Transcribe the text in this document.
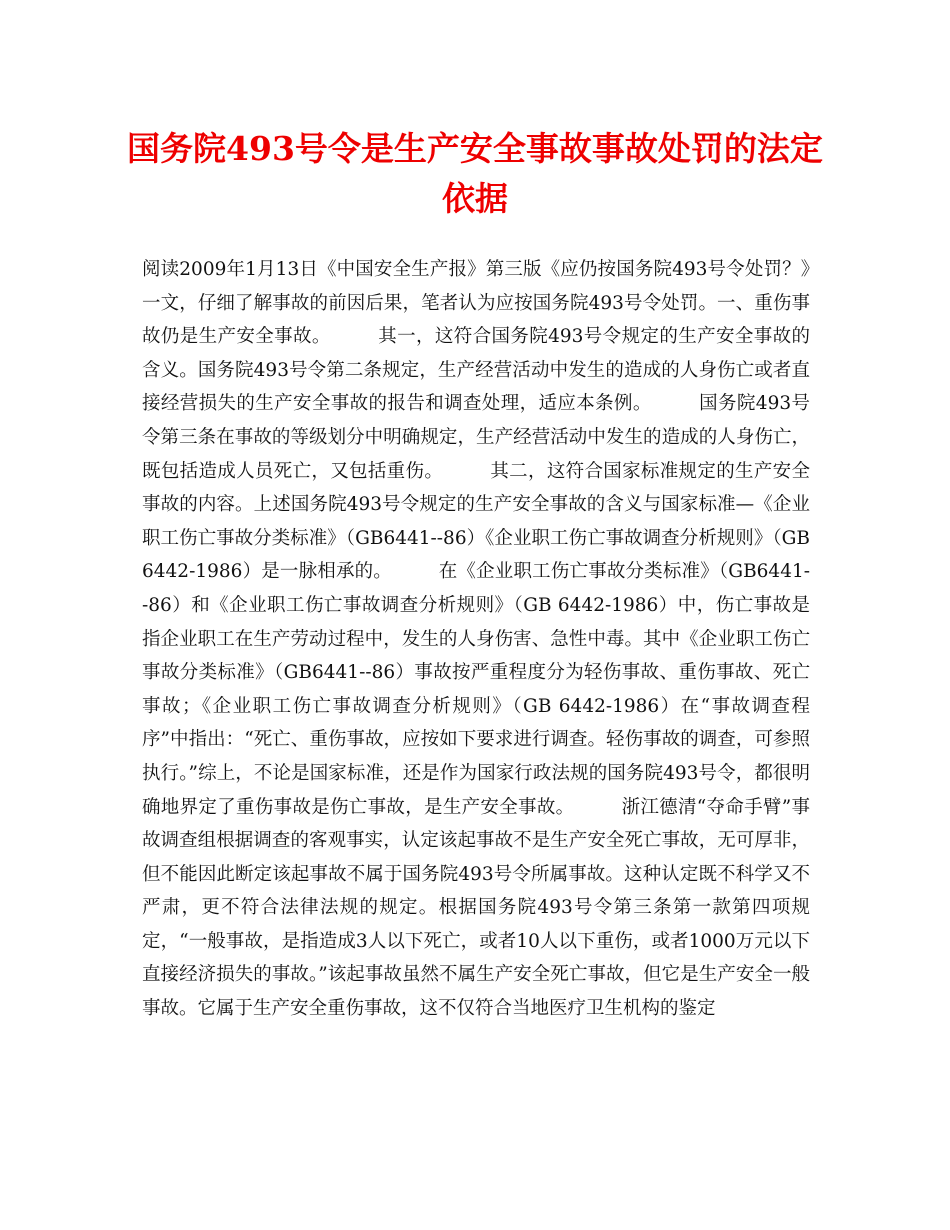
国务院493号令是生产安全事故事故处罚的法定依据

阅读2009年1月13日《中国安全生产报》第三版《应仍按国务院493号令处罚？》一文，仔细了解事故的前因后果，笔者认为应按国务院493号令处罚。一、重伤事故仍是生产安全事故。　　　其一，这符合国务院493号令规定的生产安全事故的含义。国务院493号令第二条规定，生产经营活动中发生的造成的人身伤亡或者直接经营损失的生产安全事故的报告和调查处理，适应本条例。　　　国务院493号令第三条在事故的等级划分中明确规定，生产经营活动中发生的造成的人身伤亡，既包括造成人员死亡，又包括重伤。　　　其二，这符合国家标准规定的生产安全事故的内容。上述国务院493号令规定的生产安全事故的含义与国家标准—《企业职工伤亡事故分类标准》（GB6441--86）《企业职工伤亡事故调查分析规则》（GB 6442-1986）是一脉相承的。　　　在《企业职工伤亡事故分类标准》（GB6441--86）和《企业职工伤亡事故调查分析规则》（GB 6442-1986）中，伤亡事故是指企业职工在生产劳动过程中，发生的人身伤害、急性中毒。其中《企业职工伤亡事故分类标准》（GB6441--86）事故按严重程度分为轻伤事故、重伤事故、死亡事故；《企业职工伤亡事故调查分析规则》（GB 6442-1986）在“事故调查程序”中指出：“死亡、重伤事故，应按如下要求进行调查。轻伤事故的调查，可参照执行。”综上，不论是国家标准，还是作为国家行政法规的国务院493号令，都很明确地界定了重伤事故是伤亡事故，是生产安全事故。　　　浙江德清“夺命手臂”事故调查组根据调查的客观事实，认定该起事故不是生产安全死亡事故，无可厚非，但不能因此断定该起事故不属于国务院493号令所属事故。这种认定既不科学又不严肃，更不符合法律法规的规定。根据国务院493号令第三条第一款第四项规定，“一般事故，是指造成3人以下死亡，或者10人以下重伤，或者1000万元以下直接经济损失的事故。”该起事故虽然不属生产安全死亡事故，但它是生产安全一般事故。它属于生产安全重伤事故，这不仅符合当地医疗卫生机构的鉴定
